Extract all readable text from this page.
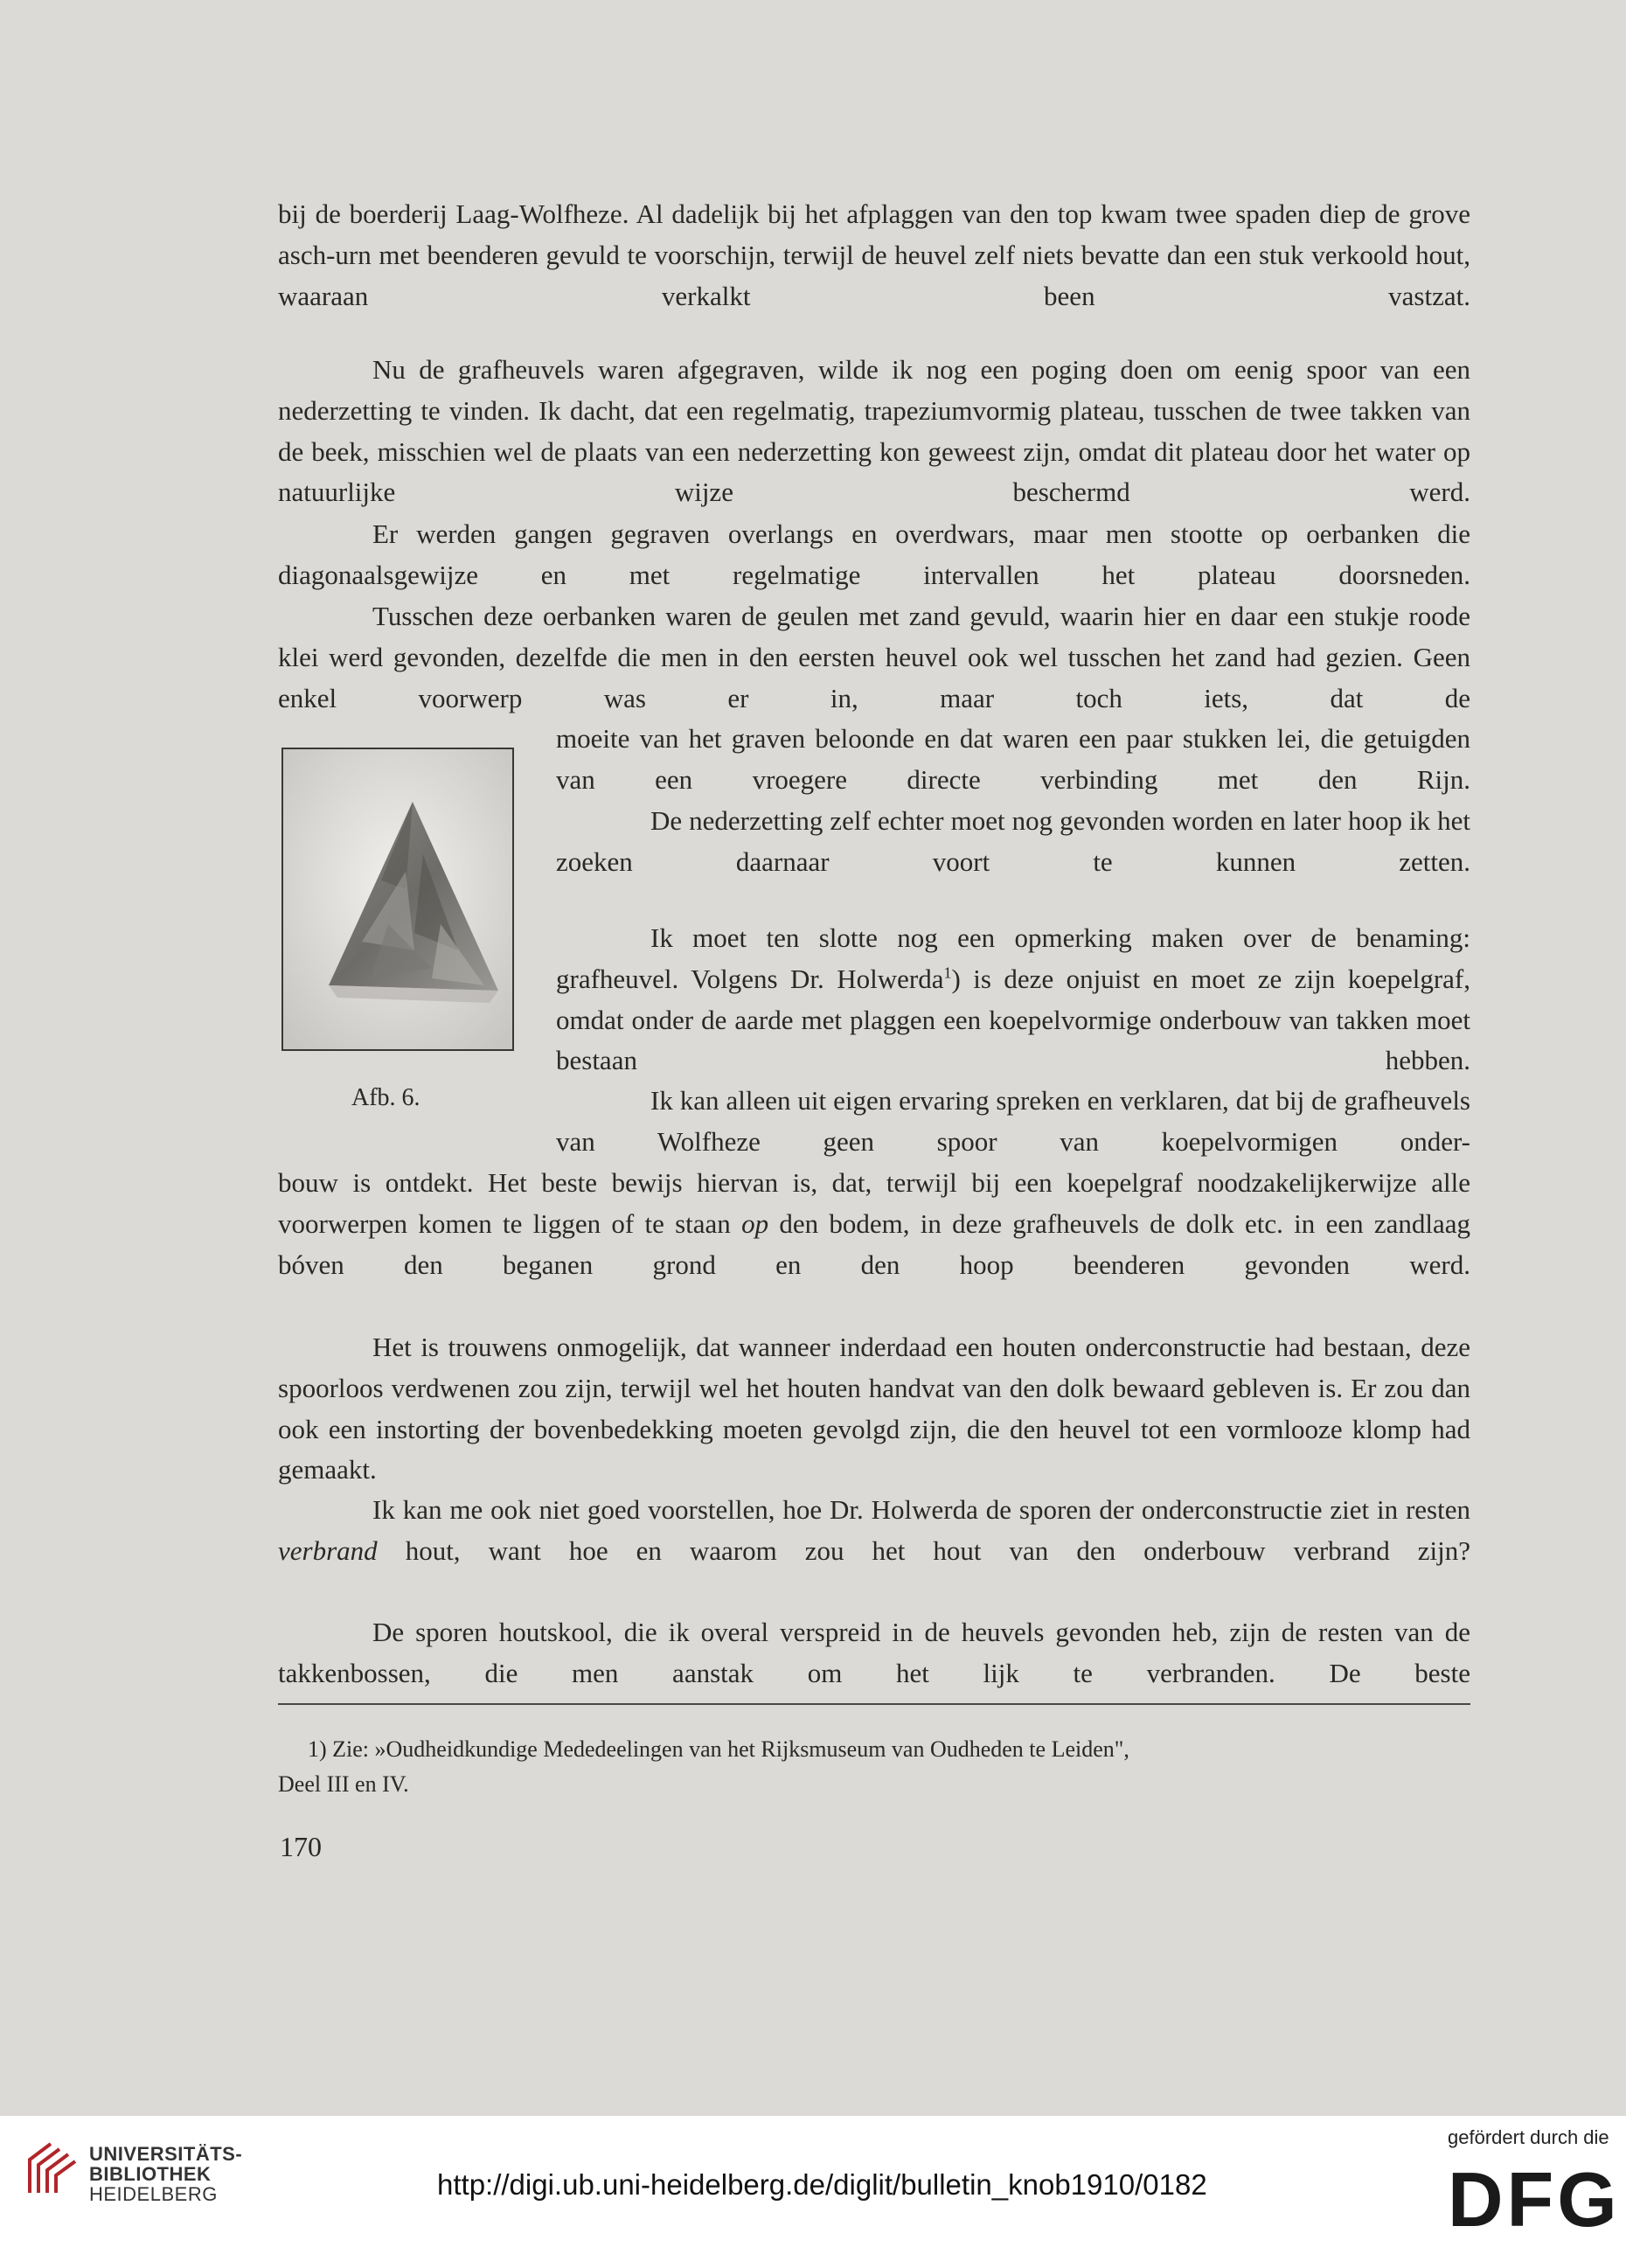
bij de boerderij Laag-Wolfheze. Al dadelijk bij het afplaggen van den top kwam twee spaden diep de grove asch-urn met beenderen gevuld te voorschijn, terwijl de heuvel zelf niets bevatte dan een stuk verkoold hout, waaraan verkalkt been vastzat.

Nu de grafheuvels waren afgegraven, wilde ik nog een poging doen om eenig spoor van een nederzetting te vinden. Ik dacht, dat een regelmatig, trapeziumvormig plateau, tusschen de twee takken van de beek, misschien wel de plaats van een nederzetting kon geweest zijn, omdat dit plateau door het water op natuurlijke wijze beschermd werd.

Er werden gangen gegraven overlangs en overdwars, maar men stootte op oerbanken die diagonaalsgewijze en met regelmatige intervallen het plateau doorsneden.

Tusschen deze oerbanken waren de geulen met zand gevuld, waarin hier en daar een stukje roode klei werd gevonden, dezelfde die men in den eersten heuvel ook wel tusschen het zand had gezien. Geen enkel voorwerp was er in, maar toch iets, dat de

moeite van het graven beloonde en dat waren een paar stukken lei, die getuigden van een vroegere directe verbinding met den Rijn.

De nederzetting zelf echter moet nog gevonden worden en later hoop ik het zoeken daarnaar voort te kunnen zetten.

Ik moet ten slotte nog een opmerking maken over de benaming: grafheuvel. Volgens Dr. Holwerda$^1$) is deze onjuist en moet ze zijn koepelgraf, omdat onder de aarde met plaggen een koepelvormige onderbouw van takken moet bestaan hebben.

Afb. 6.	Ik kan alleen uit eigen ervaring spreken en verklaren, dat bij de grafheuvels van Wolfheze geen spoor van koepelvormigen onder-

bouw is ontdekt. Het beste bewijs hiervan is, dat, terwijl bij een koepelgraf noodzakelijkerwijze alle voorwerpen komen te liggen of te staan op den bodem, in deze grafheuvels de dolk etc. in een zandlaag bóven den beganen grond en den hoop beenderen gevonden werd.

Het is trouwens onmogelijk, dat wanneer inderdaad een houten onderconstructie had bestaan, deze spoorloos verdwenen zou zijn, terwijl wel het houten handvat van den dolk bewaard gebleven is. Er zou dan ook een instorting der bovenbedekking moeten gevolgd zijn, die den heuvel tot een vormlooze klomp had gemaakt.

Ik kan me ook niet goed voorstellen, hoe Dr. Holwerda de sporen der onderconstructie ziet in resten verbrand hout, want hoe en waarom zou het hout van den onderbouw verbrand zijn?

De sporen houtskool, die ik overal verspreid in de heuvels gevonden heb, zijn de resten van de takkenbossen, die men aanstak om het lijk te verbranden. De beste

1) Zie: »Oudheidkundige Mededeelingen van het Rijksmuseum van Oudheden te Leiden",

Deel III en IV.

170
UNIVERSITÄTS-
BIBLIOTHEK
HEIDELBERG	http://digi.ub.uni-heidelberg.de/diglit/bulletin_knob1910/0182
gefördert durch die
DFG
